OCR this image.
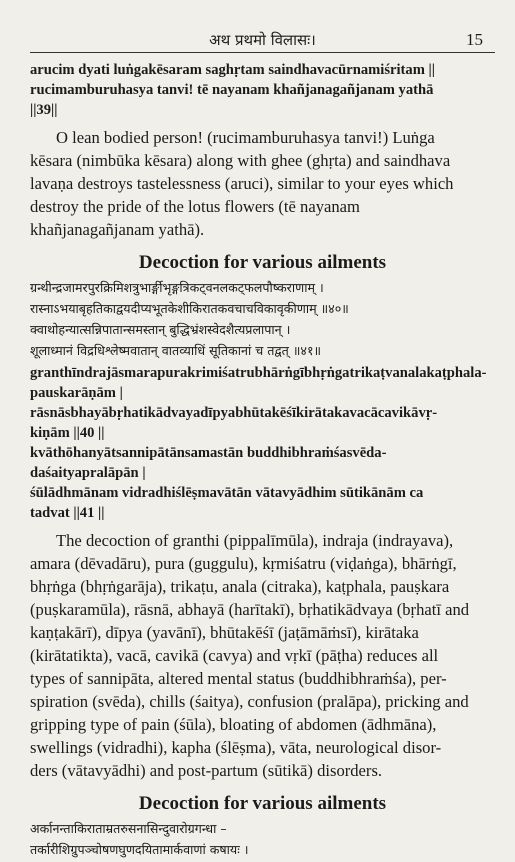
अथ प्रथमो विलासः।	15
arucim dyati luṅgakēsaram saghṛtam saindhavacūrnamiśritam ||
rucimamburuhasya tanvi! tē nayanam khañjanagañjanam yathā
||39||
O lean bodied person! (rucimamburuhasya tanvi!) Luṅga
kēsara (nimbūka kēsara) along with ghee (ghṛta) and saindhava
lavaṇa destroys tastelessness (aruci), similar to your eyes which
destroy the pride of the lotus flowers (tē nayanam
khañjanagañjanam yathā).
Decoction for various ailments
ग्रन्थीन्द्रजामरपुरक्रिमिशत्रुभार्ङ्गीभृङ्गत्रिकट्वनलकट्फलपौष्कराणाम् ।
रास्नाऽभयाबृहतिकाद्वयदीप्यभूतकेशीकिरातकवचाचविकावृकीणाम् ॥४०॥
क्वाथोहन्यात्सन्निपातान्समस्तान् बुद्धिभ्रंशस्वेदशैत्यप्रलापान् ।
शूलाध्मानं विद्रधिश्लेष्मवातान् वातव्याधिं सूतिकानां च तद्वत् ॥४१॥
granthīndrajāsmarapurakrimiśatrubhārṅgībhṛṅgatrikaṭvanalakaṭphala-
pauskarāṇām |
rāsnāsbhayābṛhatikādvayadīpyabhūtakēśīkirātakavacācavikāvṛ-
kiṇām ||40 ||
kvāthōhanyātsannipātānsamastān buddhibhraṁśasvēda-
daśaityapralāpān |
śūlādhmānam vidradhiślēṣmavātān vātavyādhim sūtikānām ca
tadvat ||41 ||
The decoction of granthi (pippalīmūla), indraja (indrayava),
amara (dēvadāru), pura (guggulu), kṛmiśatru (viḍaṅga), bhārṅgī,
bhṛṅga (bhṛṅgarāja), trikaṭu, anala (citraka), kaṭphala, pauṣkara
(puṣkaramūla), rāsnā, abhayā (harītakī), bṛhatikādvaya (bṛhatī and
kaṇṭakārī), dīpya (yavānī), bhūtakēśī (jaṭāmāṁsī), kirātaka
(kirātatikta), vacā, cavikā (cavya) and vṛkī (pāṭha) reduces all
types of sannipāta, altered mental status (buddhibhraṁśa), per-
spiration (svēda), chills (śaitya), confusion (pralāpa), pricking and
gripping type of pain (śūla), bloating of abdomen (ādhmāna),
swellings (vidradhi), kapha (ślēṣma), vāta, neurological disor-
ders (vātavyādhi) and post-partum (sūtikā) disorders.
Decoction for various ailments
अर्कानन्ताकिराताम्रतरुसनासिन्दुवारोग्रगन्धा –
तर्कारीशिग्रुपञ्चोषणघुणदयितामार्कवाणां कषायः ।
